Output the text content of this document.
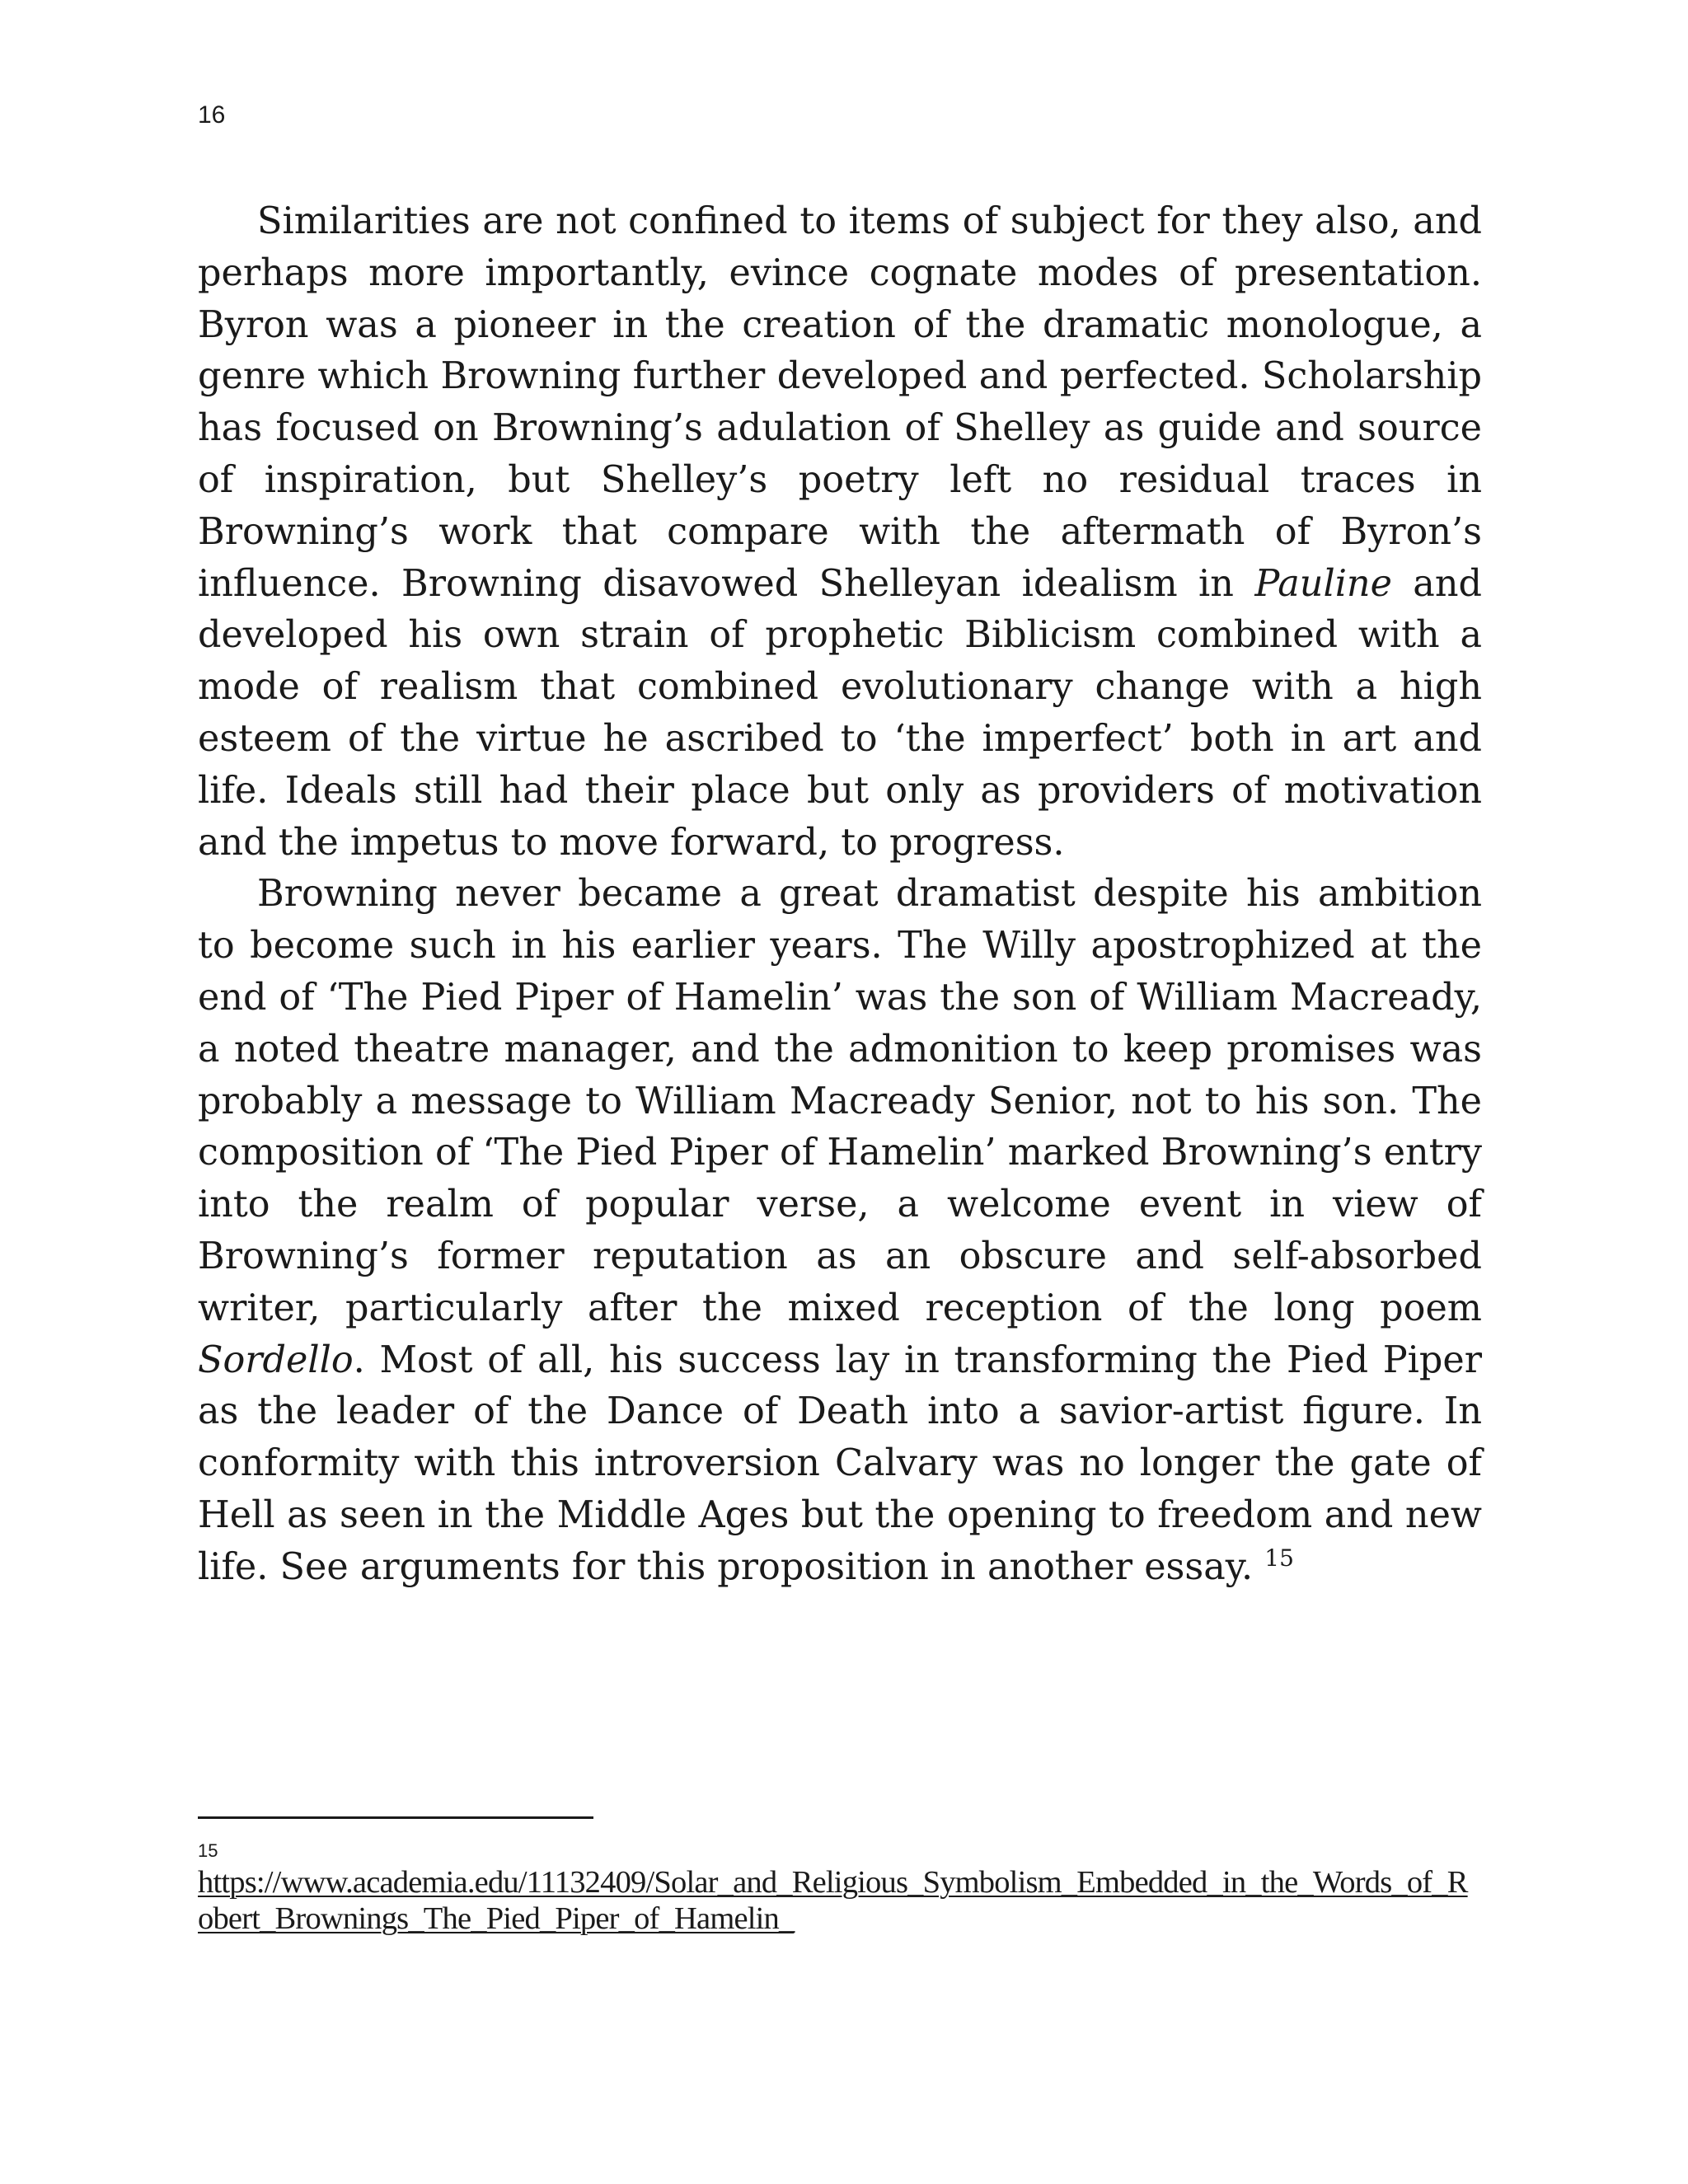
16

Similarities are not confined to items of subject for they also, and perhaps more importantly, evince cognate modes of presentation. Byron was a pioneer in the creation of the dramatic monologue, a genre which Browning further developed and perfected. Scholarship has focused on Browning’s adulation of Shelley as guide and source of inspiration, but Shelley’s poetry left no residual traces in Browning’s work that compare with the aftermath of Byron’s influence. Browning disavowed Shelleyan idealism in Pauline and developed his own strain of prophetic Biblicism combined with a mode of realism that combined evolutionary change with a high esteem of the virtue he ascribed to ‘the imperfect’ both in art and life. Ideals still had their place but only as providers of motivation and the impetus to move forward, to progress.

Browning never became a great dramatist despite his ambition to become such in his earlier years. The Willy apostrophized at the end of ‘The Pied Piper of Hamelin’ was the son of William Macready, a noted theatre manager, and the admonition to keep promises was probably a message to William Macready Senior, not to his son. The composition of ‘The Pied Piper of Hamelin’ marked Browning’s entry into the realm of popular verse, a welcome event in view of Browning’s former reputation as an obscure and self-absorbed writer, particularly after the mixed reception of the long poem Sordello. Most of all, his success lay in transforming the Pied Piper as the leader of the Dance of Death into a savior-artist figure. In conformity with this introversion Calvary was no longer the gate of Hell as seen in the Middle Ages but the opening to freedom and new life. See arguments for this proposition in another essay. $^{15}$

15
https://www.academia.edu/11132409/Solar_and_Religious_Symbolism_Embedded_in_the_Words_of_Robert_Brownings_The_Pied_Piper_of_Hamelin_
